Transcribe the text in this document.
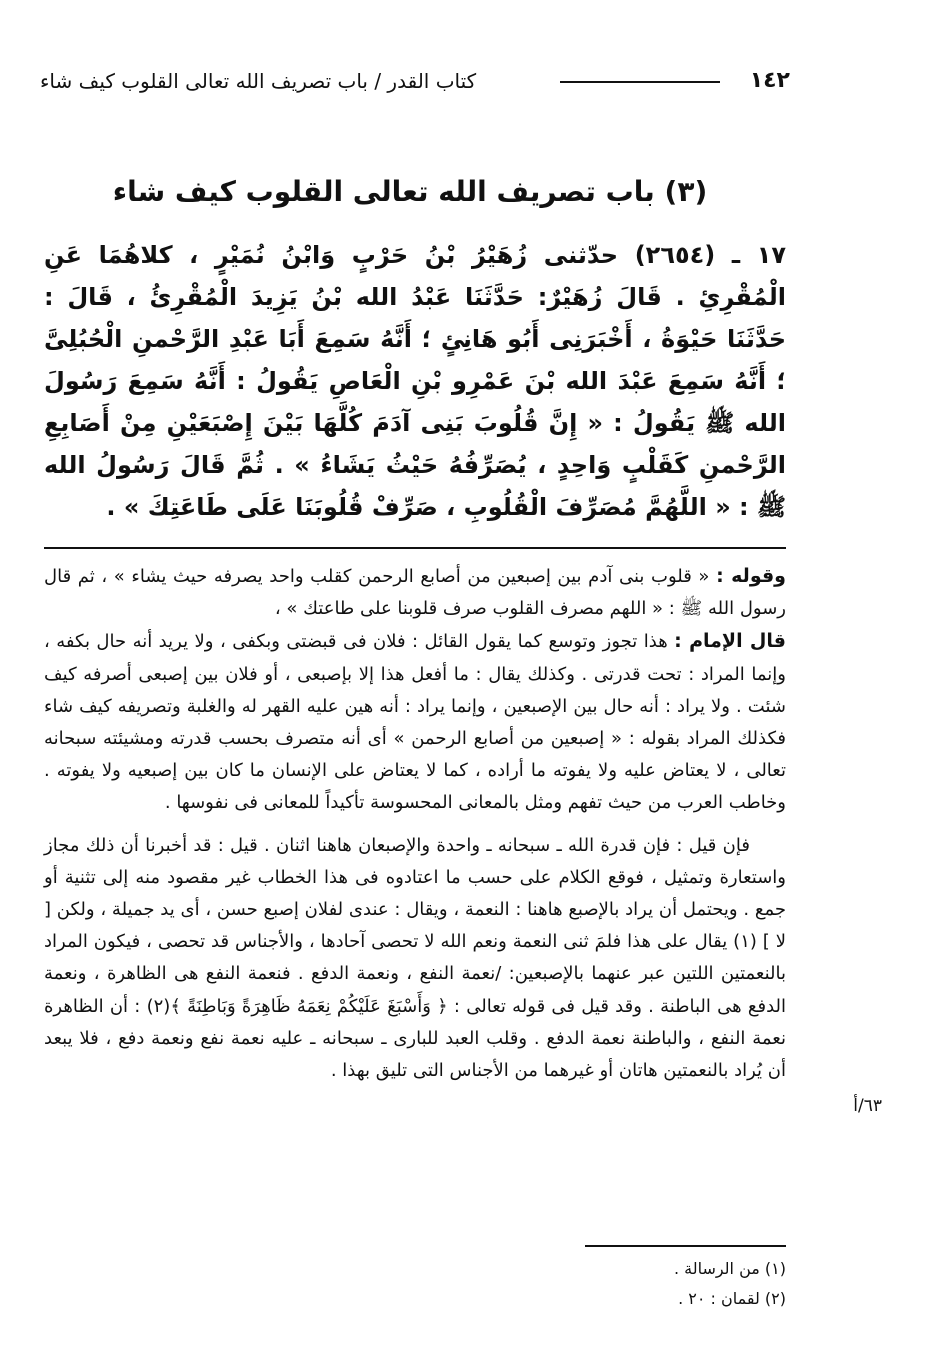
١٤٢
كتاب القدر / باب تصريف الله تعالى القلوب كيف شاء
(٣) باب تصريف الله تعالى القلوب كيف شاء
١٧ ـ (٢٦٥٤) حدّثنى زُهَيْرُ بْنُ حَرْبٍ وَابْنُ نُمَيْرٍ ، كلاهُمَا عَنِ الْمُقْرِئِ . قَالَ زُهَيْرٌ: حَدَّثَنَا عَبْدُ الله بْنُ يَزِيدَ الْمُقْرِئُ ، قَالَ : حَدَّثَنَا حَيْوَةُ ، أَخْبَرَنِى أَبُو هَانِئٍ ؛ أَنَّهُ سَمِعَ أَبَا عَبْدِ الرَّحْمنِ الْحُبُلِىَّ ؛ أَنَّهُ سَمِعَ عَبْدَ الله بْنَ عَمْرِو بْنِ الْعَاصِ يَقُولُ : أَنَّهُ سَمِعَ رَسُولَ الله ﷺ يَقُولُ : « إِنَّ قُلُوبَ بَنِى آدَمَ كُلَّهَا بَيْنَ إِصْبَعَيْنِ مِنْ أَصَابِعِ الرَّحْمنِ كَقَلْبٍ وَاحِدٍ ، يُصَرِّفُهُ حَيْثُ يَشَاءُ » . ثُمَّ قَالَ رَسُولُ الله ﷺ : « اللَّهُمَّ مُصَرِّفَ الْقُلُوبِ ، صَرِّفْ قُلُوبَنَا عَلَى طَاعَتِكَ » .

وقوله : « قلوب بنى آدم بين إصبعين من أصابع الرحمن كقلب واحد يصرفه حيث يشاء » ، ثم قال رسول الله ﷺ : « اللهم مصرف القلوب صرف قلوبنا على طاعتك » ،

قال الإمام : هذا تجوز وتوسع كما يقول القائل : فلان فى قبضتى وبكفى ، ولا يريد أنه حال بكفه ، وإنما المراد : تحت قدرتى . وكذلك يقال : ما أفعل هذا إلا بإصبعى ، أو فلان بين إصبعى أصرفه كيف شئت . ولا يراد : أنه حال بين الإصبعين ، وإنما يراد : أنه هين عليه القهر له والغلبة وتصريفه كيف شاء فكذلك المراد بقوله : « إصبعين من أصابع الرحمن » أى أنه متصرف بحسب قدرته ومشيئته سبحانه تعالى ، لا يعتاض عليه ولا يفوته ما أراده ، كما لا يعتاض على الإنسان ما كان بين إصبعيه ولا يفوته . وخاطب العرب من حيث تفهم ومثل بالمعانى المحسوسة تأكيداً للمعانى فى نفوسها .

فإن قيل : فإن قدرة الله ـ سبحانه ـ واحدة والإصبعان هاهنا اثنان . قيل : قد أخبرنا أن ذلك مجاز واستعارة وتمثيل ، فوقع الكلام على حسب ما اعتادوه فى هذا الخطاب غير مقصود منه إلى تثنية أو جمع . ويحتمل أن يراد بالإصبع هاهنا : النعمة ، ويقال : عندى لفلان إصبع حسن ، أى يد جميلة ، ولكن [ لا ] (١) يقال على هذا فلمَ ثنى النعمة ونعم الله لا تحصى آحادها ، والأجناس قد تحصى ، فيكون المراد بالنعمتين اللتين عبر عنهما بالإصبعين: /نعمة النفع ، ونعمة الدفع . فنعمة النفع هى الظاهرة ، ونعمة الدفع هى الباطنة . وقد قيل فى قوله تعالى : ﴿ وَأَسْبَغَ عَلَيْكُمْ نِعَمَهُ ظَاهِرَةً وَبَاطِنَةً ﴾(٢) : أن الظاهرة نعمة النفع ، والباطنة نعمة الدفع . وقلب العبد للبارى ـ سبحانه ـ عليه نعمة نفع ونعمة دفع ، فلا يبعد أن يُراد بالنعمتين هاتان أو غيرهما من الأجناس التى تليق بهذا .

٦٣/أ
(١) من الرسالة .
(٢) لقمان : ٢٠ .
